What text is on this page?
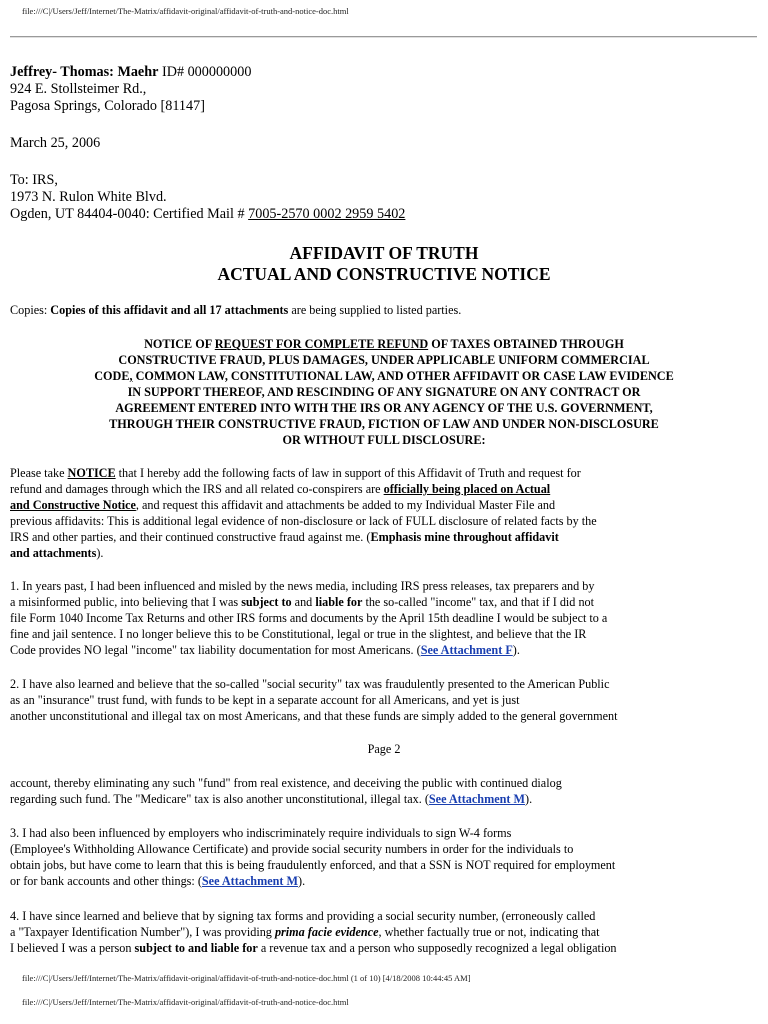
file:///C|/Users/Jeff/Internet/The-Matrix/affidavit-original/affidavit-of-truth-and-notice-doc.html
Jeffrey- Thomas: Maehr ID# 000000000
924 E. Stollsteimer Rd.,
Pagosa Springs, Colorado [81147]
March 25, 2006
To: IRS,
1973 N. Rulon White Blvd.
Ogden, UT 84404-0040: Certified Mail # 7005-2570 0002 2959 5402
AFFIDAVIT OF TRUTH
ACTUAL AND CONSTRUCTIVE NOTICE
Copies: Copies of this affidavit and all 17 attachments are being supplied to listed parties.
NOTICE OF REQUEST FOR COMPLETE REFUND OF TAXES OBTAINED THROUGH
CONSTRUCTIVE FRAUD, PLUS DAMAGES, UNDER APPLICABLE UNIFORM COMMERCIAL
CODE, COMMON LAW, CONSTITUTIONAL LAW, AND OTHER AFFIDAVIT OR CASE LAW EVIDENCE
IN SUPPORT THEREOF, AND RESCINDING OF ANY SIGNATURE ON ANY CONTRACT OR
AGREEMENT ENTERED INTO WITH THE IRS OR ANY AGENCY OF THE U.S. GOVERNMENT,
THROUGH THEIR CONSTRUCTIVE FRAUD, FICTION OF LAW AND UNDER NON-DISCLOSURE
OR WITHOUT FULL DISCLOSURE:
Please take NOTICE that I hereby add the following facts of law in support of this Affidavit of Truth and request for
refund and damages through which the IRS and all related co-conspirers are officially being placed on Actual
and Constructive Notice, and request this affidavit and attachments be added to my Individual Master File and
previous affidavits: This is additional legal evidence of non-disclosure or lack of FULL disclosure of related facts by the
IRS and other parties, and their continued constructive fraud against me. (Emphasis mine throughout affidavit
and attachments).
1. In years past, I had been influenced and misled by the news media, including IRS press releases, tax preparers and by
a misinformed public, into believing that I was subject to and liable for the so-called "income" tax, and that if I did not
file Form 1040 Income Tax Returns and other IRS forms and documents by the April 15th deadline I would be subject to a
fine and jail sentence. I no longer believe this to be Constitutional, legal or true in the slightest, and believe that the IR
Code provides NO legal "income" tax liability documentation for most Americans. (See Attachment F).
2. I have also learned and believe that the so-called "social security" tax was fraudulently presented to the American Public
as an "insurance" trust fund, with funds to be kept in a separate account for all Americans, and yet is just
another unconstitutional and illegal tax on most Americans, and that these funds are simply added to the general government
Page 2
account, thereby eliminating any such "fund" from real existence, and deceiving the public with continued dialog
regarding such fund. The "Medicare" tax is also another unconstitutional, illegal tax. (See Attachment M).
3. I had also been influenced by employers who indiscriminately require individuals to sign W-4 forms
(Employee's Withholding Allowance Certificate) and provide social security numbers in order for the individuals to
obtain jobs, but have come to learn that this is being fraudulently enforced, and that a SSN is NOT required for employment
or for bank accounts and other things: (See Attachment M).
4. I have since learned and believe that by signing tax forms and providing a social security number, (erroneously called
a "Taxpayer Identification Number"), I was providing prima facie evidence, whether factually true or not, indicating that
I believed I was a person subject to and liable for a revenue tax and a person who supposedly recognized a legal obligation
file:///C|/Users/Jeff/Internet/The-Matrix/affidavit-original/affidavit-of-truth-and-notice-doc.html (1 of 10) [4/18/2008 10:44:45 AM]
file:///C|/Users/Jeff/Internet/The-Matrix/affidavit-original/affidavit-of-truth-and-notice-doc.html
